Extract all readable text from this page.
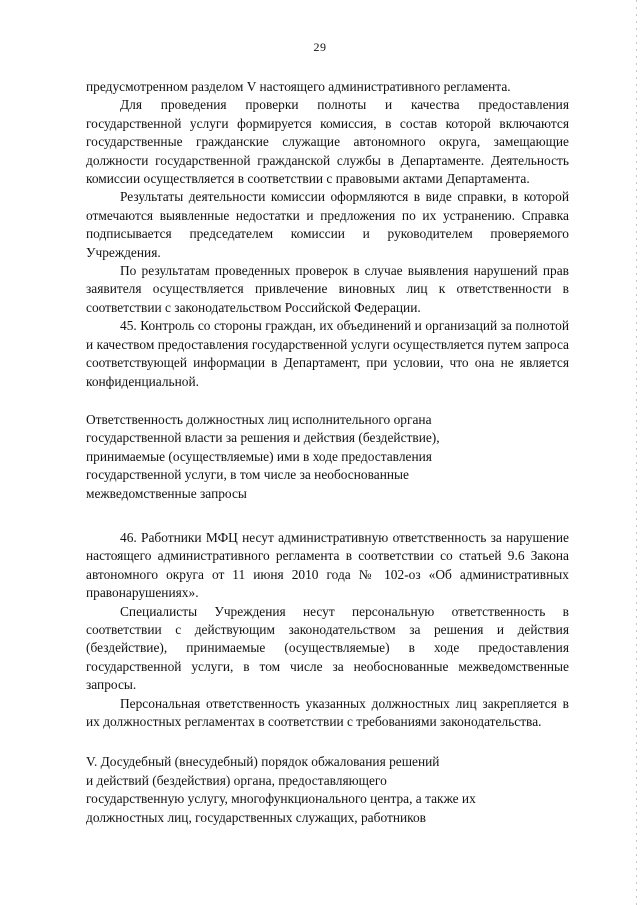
29

предусмотренном разделом V настоящего административного регламента.

Для проведения проверки полноты и качества предоставления государственной услуги формируется комиссия, в состав которой включаются государственные гражданские служащие автономного округа, замещающие должности государственной гражданской службы в Департаменте. Деятельность комиссии осуществляется в соответствии с правовыми актами Департамента.

Результаты деятельности комиссии оформляются в виде справки, в которой отмечаются выявленные недостатки и предложения по их устранению. Справка подписывается председателем комиссии и руководителем проверяемого Учреждения.

По результатам проведенных проверок в случае выявления нарушений прав заявителя осуществляется привлечение виновных лиц к ответственности в соответствии с законодательством Российской Федерации.

45. Контроль со стороны граждан, их объединений и организаций за полнотой и качеством предоставления государственной услуги осуществляется путем запроса соответствующей информации в Департамент, при условии, что она не является конфиденциальной.

Ответственность должностных лиц исполнительного органа

государственной власти за решения и действия (бездействие),

принимаемые (осуществляемые) ими в ходе предоставления

государственной услуги, в том числе за необоснованные

межведомственные запросы

46. Работники МФЦ несут административную ответственность за нарушение настоящего административного регламента в соответствии со статьей 9.6 Закона автономного округа от 11 июня 2010 года № 102-оз «Об административных правонарушениях».

Специалисты Учреждения несут персональную ответственность в соответствии с действующим законодательством за решения и действия (бездействие), принимаемые (осуществляемые) в ходе предоставления государственной услуги, в том числе за необоснованные межведомственные запросы.

Персональная ответственность указанных должностных лиц закрепляется в их должностных регламентах в соответствии с требованиями законодательства.

V. Досудебный (внесудебный) порядок обжалования решений

и действий (бездействия) органа, предоставляющего

государственную услугу, многофункционального центра, а также их

должностных лиц, государственных служащих, работников
